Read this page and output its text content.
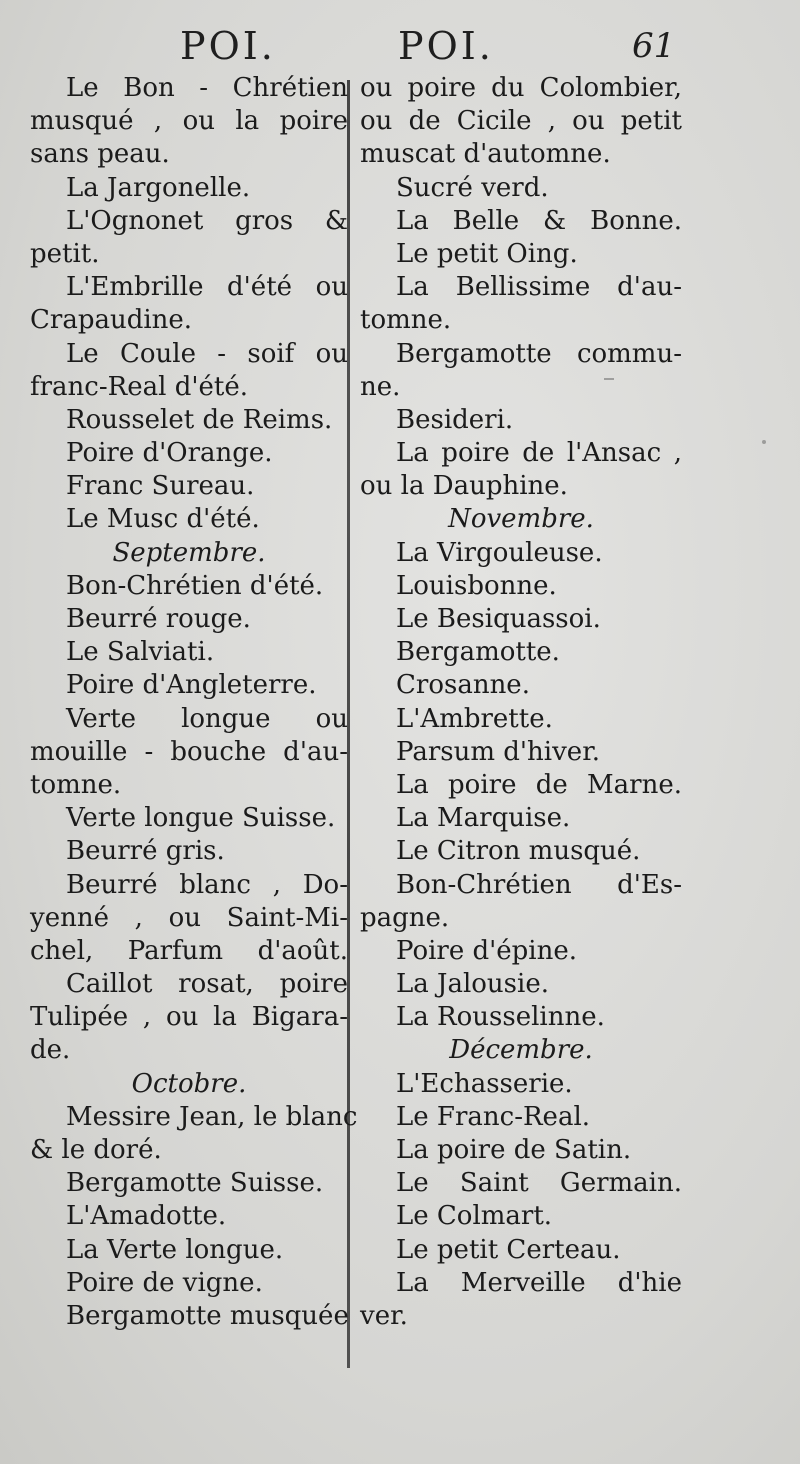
POI.	POI.	61
Le Bon - Chrétien
musqué , ou la poire
sans peau.
La Jargonelle.
L'Ognonet gros &
petit.
L'Embrille d'été ou
Crapaudine.
Le Coule - soif ou
franc-Real d'été.
Rousselet de Reims.
Poire d'Orange.
Franc Sureau.
Le Musc d'été.
Septembre.
Bon-Chrétien d'été.
Beurré rouge.
Le Salviati.
Poire d'Angleterre.
Verte longue ou
mouille - bouche d'au-
tomne.
Verte longue Suisse.
Beurré gris.
Beurré blanc , Do-
yenné , ou Saint-Mi-
chel, Parfum d'août.
Caillot rosat, poire
Tulipée , ou la Bigara-
de.
Octobre.
Messire Jean, le blanc
& le doré.
Bergamotte Suisse.
L'Amadotte.
La Verte longue.
Poire de vigne.
Bergamotte musquée
ou poire du Colombier,
ou de Cicile , ou petit
muscat d'automne.
Sucré verd.
La Belle & Bonne.
Le petit Oing.
La Bellissime d'au-
tomne.
Bergamotte commu-
ne.
Besideri.
La poire de l'Ansac ,
ou la Dauphine.
Novembre.
La Virgouleuse.
Louisbonne.
Le Besiquassoi.
Bergamotte.
Crosanne.
L'Ambrette.
Parsum d'hiver.
La poire de Marne.
La Marquise.
Le Citron musqué.
Bon-Chrétien d'Es-
pagne.
Poire d'épine.
La Jalousie.
La Rousselinne.
Décembre.
L'Echasserie.
Le Franc-Real.
La poire de Satin.
Le Saint Germain.
Le Colmart.
Le petit Certeau.
La Merveille d'hie
ver.
